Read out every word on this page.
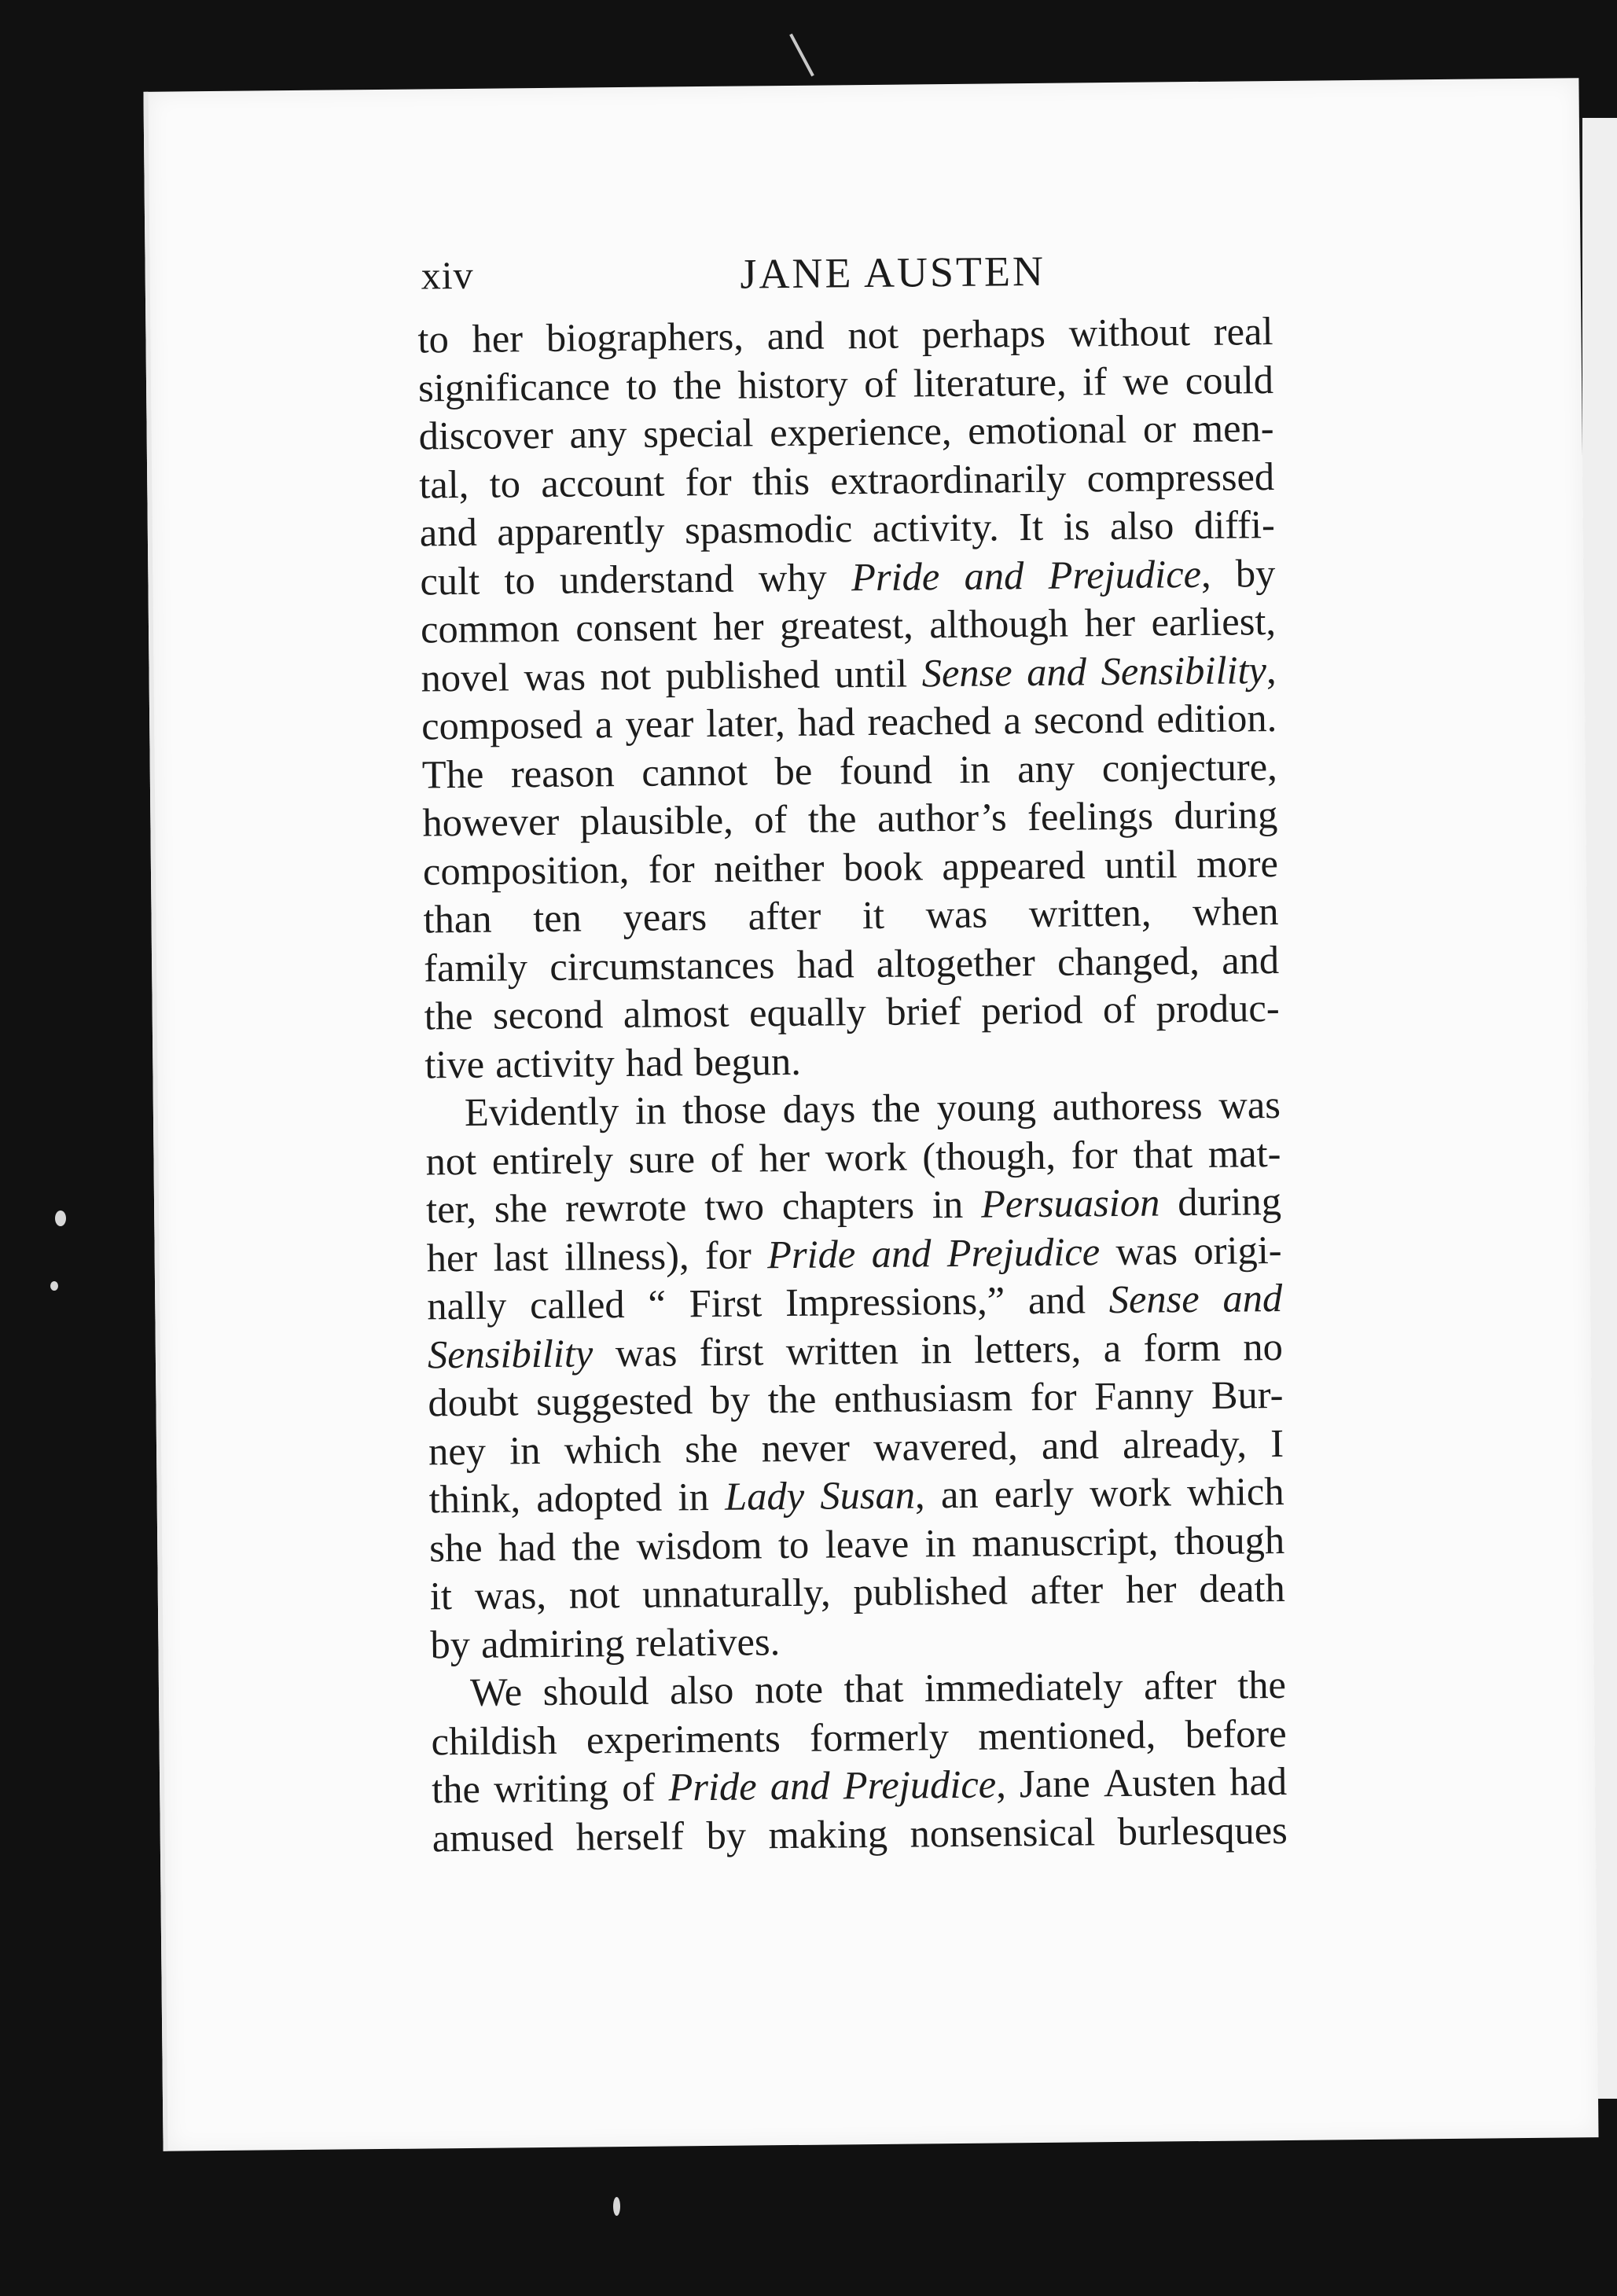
xiv	JANE AUSTEN
to her biographers, and not perhaps without real
significance to the history of literature, if we could
discover any special experience, emotional or men-
tal, to account for this extraordinarily compressed
and apparently spasmodic activity. It is also diffi-
cult to understand why Pride and Prejudice, by
common consent her greatest, although her earliest,
novel was not published until Sense and Sensibility,
composed a year later, had reached a second edition.
The reason cannot be found in any conjecture,
however plausible, of the author’s feelings during
composition, for neither book appeared until more
than ten years after it was written, when
family circumstances had altogether changed, and
the second almost equally brief period of produc-
tive activity had begun.
Evidently in those days the young authoress was
not entirely sure of her work (though, for that mat-
ter, she rewrote two chapters in Persuasion during
her last illness), for Pride and Prejudice was origi-
nally called “ First Impressions,” and Sense and
Sensibility was first written in letters, a form no
doubt suggested by the enthusiasm for Fanny Bur-
ney in which she never wavered, and already, I
think, adopted in Lady Susan, an early work which
she had the wisdom to leave in manuscript, though
it was, not unnaturally, published after her death
by admiring relatives.
We should also note that immediately after the
childish experiments formerly mentioned, before
the writing of Pride and Prejudice, Jane Austen had
amused herself by making nonsensical burlesques
